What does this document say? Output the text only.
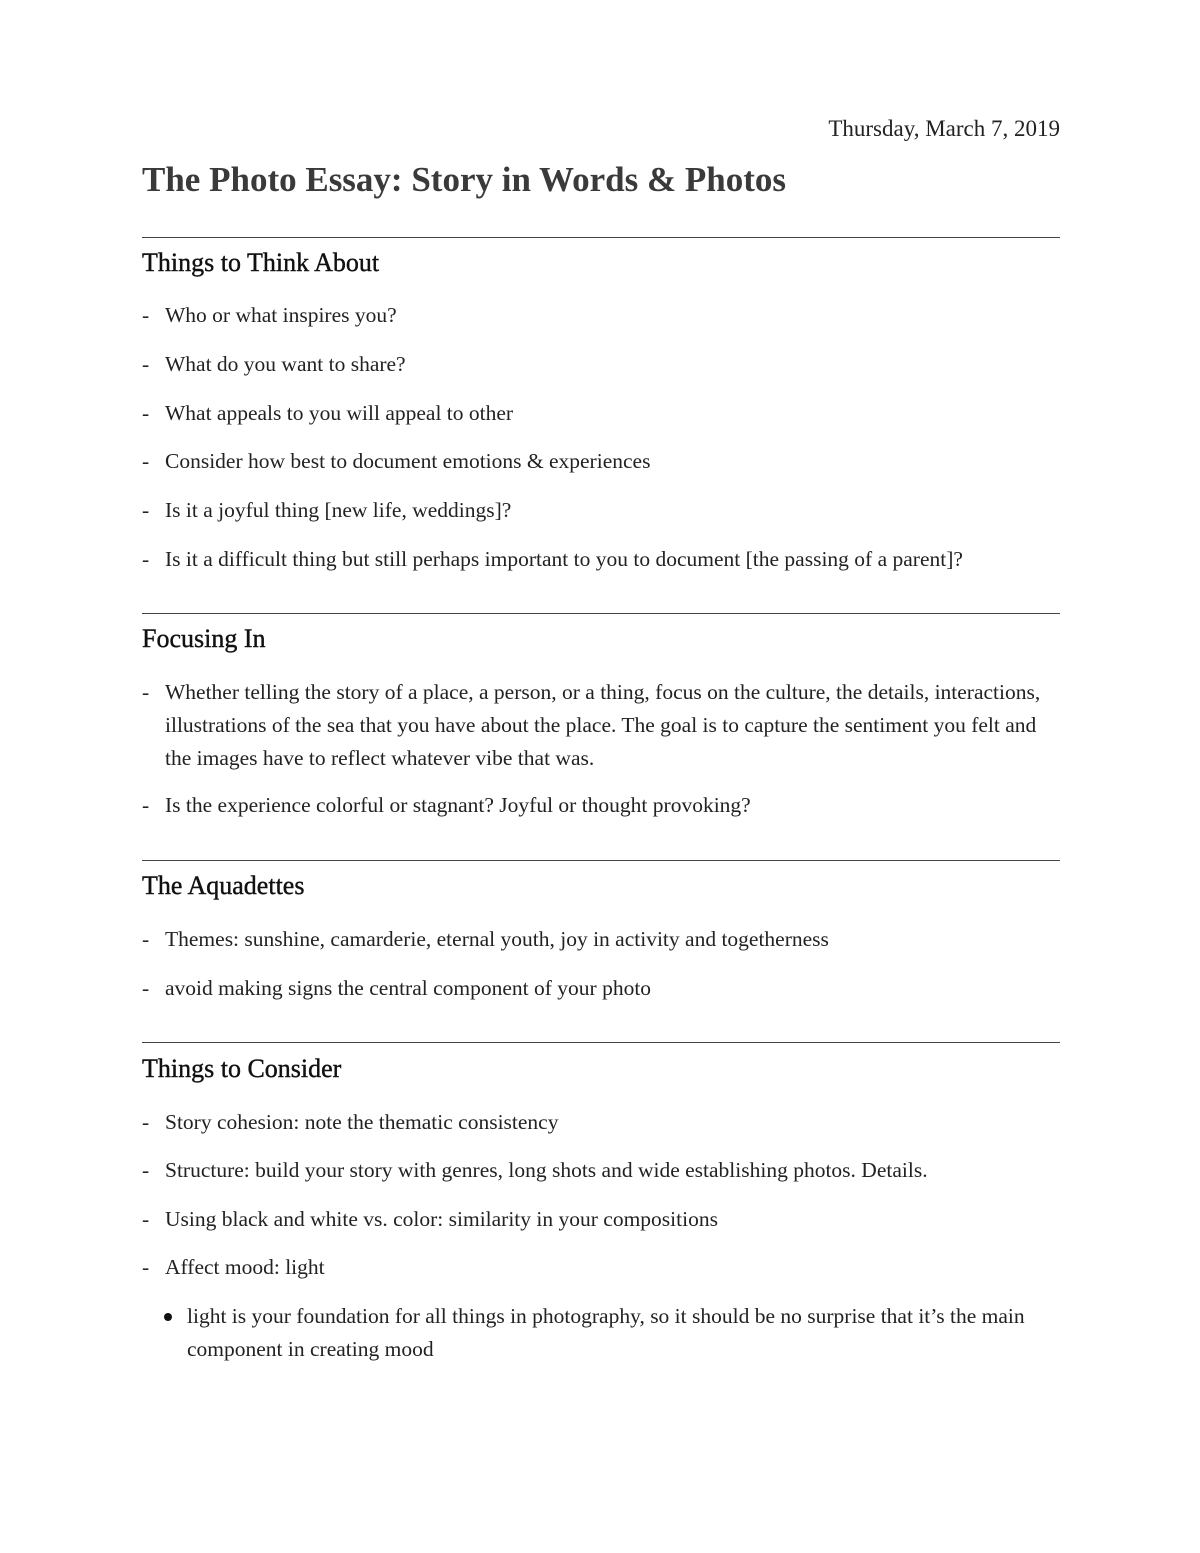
Thursday, March 7, 2019
The Photo Essay: Story in Words & Photos
Things to Think About
- Who or what inspires you?
- What do you want to share?
- What appeals to you will appeal to other
- Consider how best to document emotions & experiences
- Is it a joyful thing [new life, weddings]?
- Is it a difficult thing but still perhaps important to you to document [the passing of a parent]?
Focusing In
- Whether telling the story of a place, a person, or a thing, focus on the culture, the details, interactions, illustrations of the sea that you have about the place. The goal is to capture the sentiment you felt and the images have to reflect whatever vibe that was.
- Is the experience colorful or stagnant? Joyful or thought provoking?
The Aquadettes
- Themes: sunshine, camarderie, eternal youth, joy in activity and togetherness
- avoid making signs the central component of your photo
Things to Consider
- Story cohesion: note the thematic consistency
- Structure: build your story with genres, long shots and wide establishing photos. Details.
- Using black and white vs. color: similarity in your compositions
- Affect mood: light
light is your foundation for all things in photography, so it should be no surprise that it’s the main component in creating mood
